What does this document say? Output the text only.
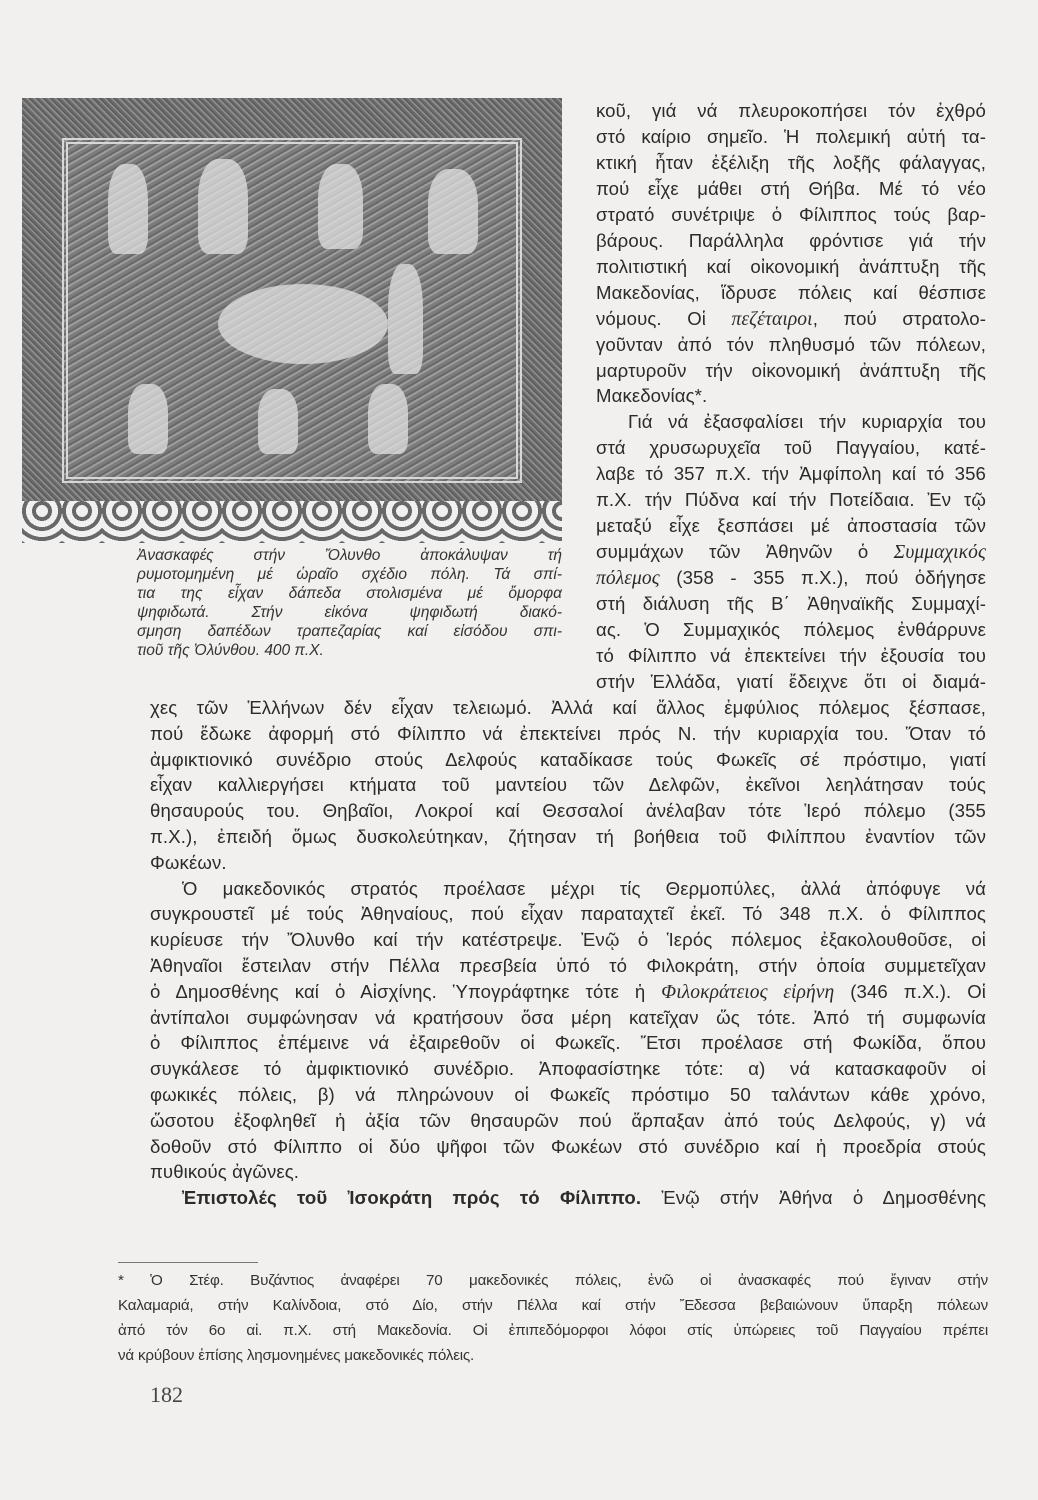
Ἀνασκαφές στήν Ὄλυνθο ἀποκάλυψαν τή
ρυμοτομημένη μέ ὡραῖο σχέδιο πόλη. Τά σπί-
τια της εἶχαν δάπεδα στολισμένα μέ ὄμορφα
ψηφιδωτά. Στήν εἰκόνα ψηφιδωτή διακό-
σμηση δαπέδων τραπεζαρίας καί εἰσόδου σπι-
τιοῦ τῆς Ὀλύνθου. 400 π.Χ.
κοῦ, γιά νά πλευροκοπήσει τόν ἐχθρό
στό καίριο σημεῖο. Ἡ πολεμική αὐτή τα-
κτική ἦταν ἐξέλιξη τῆς λοξῆς φάλαγγας,
πού εἶχε μάθει στή Θήβα. Μέ τό νέο
στρατό συνέτριψε ὁ Φίλιππος τούς βαρ-
βάρους. Παράλληλα φρόντισε γιά τήν
πολιτιστική καί οἰκονομική ἀνάπτυξη τῆς
Μακεδονίας, ἵδρυσε πόλεις καί θέσπισε
νόμους. Οἱ πεζέταιροι, πού στρατολο-
γοῦνταν ἀπό τόν πληθυσμό τῶν πόλεων,
μαρτυροῦν τήν οἰκονομική ἀνάπτυξη τῆς
Μακεδονίας*.
Γιά νά ἐξασφαλίσει τήν κυριαρχία του
στά χρυσωρυχεῖα τοῦ Παγγαίου, κατέ-
λαβε τό 357 π.Χ. τήν Ἀμφίπολη καί τό 356
π.Χ. τήν Πύδνα καί τήν Ποτείδαια. Ἐν τῷ
μεταξύ εἶχε ξεσπάσει μέ ἀποστασία τῶν
συμμάχων τῶν Ἀθηνῶν ὁ Συμμαχικός
πόλεμος (358 - 355 π.Χ.), πού ὁδήγησε
στή διάλυση τῆς Β΄ Ἀθηναϊκῆς Συμμαχί-
ας. Ὁ Συμμαχικός πόλεμος ἐνθάρρυνε
τό Φίλιππο νά ἐπεκτείνει τήν ἐξουσία του
στήν Ἑλλάδα, γιατί ἔδειχνε ὅτι οἱ διαμά-
χες τῶν Ἑλλήνων δέν εἶχαν τελειωμό. Ἀλλά καί ἄλλος ἐμφύλιος πόλεμος ξέσπασε,
πού ἔδωκε ἀφορμή στό Φίλιππο νά ἐπεκτείνει πρός Ν. τήν κυριαρχία του. Ὅταν τό
ἀμφικτιονικό συνέδριο στούς Δελφούς καταδίκασε τούς Φωκεῖς σέ πρόστιμο, γιατί
εἶχαν καλλιεργήσει κτήματα τοῦ μαντείου τῶν Δελφῶν, ἐκεῖνοι λεηλάτησαν τούς
θησαυρούς του. Θηβαῖοι, Λοκροί καί Θεσσαλοί ἀνέλαβαν τότε Ἱερό πόλεμο (355
π.Χ.), ἐπειδή ὅμως δυσκολεύτηκαν, ζήτησαν τή βοήθεια τοῦ Φιλίππου ἐναντίον τῶν
Φωκέων.
Ὁ μακεδονικός στρατός προέλασε μέχρι τίς Θερμοπύλες, ἀλλά ἀπόφυγε νά
συγκρουστεῖ μέ τούς Ἀθηναίους, πού εἶχαν παραταχτεῖ ἐκεῖ. Τό 348 π.Χ. ὁ Φίλιππος
κυρίευσε τήν Ὄλυνθο καί τήν κατέστρεψε. Ἐνῷ ὁ Ἱερός πόλεμος ἐξακολουθοῦσε, οἱ
Ἀθηναῖοι ἔστειλαν στήν Πέλλα πρεσβεία ὑπό τό Φιλοκράτη, στήν ὁποία συμμετεῖχαν
ὁ Δημοσθένης καί ὁ Αἰσχίνης. Ὑπογράφτηκε τότε ἡ Φιλοκράτειος εἰρήνη (346 π.Χ.). Οἱ
ἀντίπαλοι συμφώνησαν νά κρατήσουν ὅσα μέρη κατεῖχαν ὥς τότε. Ἀπό τή συμφωνία
ὁ Φίλιππος ἐπέμεινε νά ἐξαιρεθοῦν οἱ Φωκεῖς. Ἔτσι προέλασε στή Φωκίδα, ὅπου
συγκάλεσε τό ἀμφικτιονικό συνέδριο. Ἀποφασίστηκε τότε: α) νά κατασκαφοῦν οἱ
φωκικές πόλεις, β) νά πληρώνουν οἱ Φωκεῖς πρόστιμο 50 ταλάντων κάθε χρόνο,
ὥσοτου ἐξοφληθεῖ ἡ ἀξία τῶν θησαυρῶν πού ἅρπαξαν ἀπό τούς Δελφούς, γ) νά
δοθοῦν στό Φίλιππο οἱ δύο ψῆφοι τῶν Φωκέων στό συνέδριο καί ἡ προεδρία στούς
πυθικούς ἀγῶνες.
Ἐπιστολές τοῦ Ἰσοκράτη πρός τό Φίλιππο. Ἐνῷ στήν Ἀθήνα ὁ Δημοσθένης
* Ὁ Στέφ. Βυζάντιος ἀναφέρει 70 μακεδονικές πόλεις, ἐνῶ οἱ ἀνασκαφές πού ἔγιναν στήν
Καλαμαριά, στήν Καλίνδοια, στό Δίο, στήν Πέλλα καί στήν Ἔδεσσα βεβαιώνουν ὕπαρξη πόλεων
ἀπό τόν 6ο αἰ. π.Χ. στή Μακεδονία. Οἱ ἐπιπεδόμορφοι λόφοι στίς ὑπώρειες τοῦ Παγγαίου πρέπει
νά κρύβουν ἐπίσης λησμονημένες μακεδονικές πόλεις.
182
